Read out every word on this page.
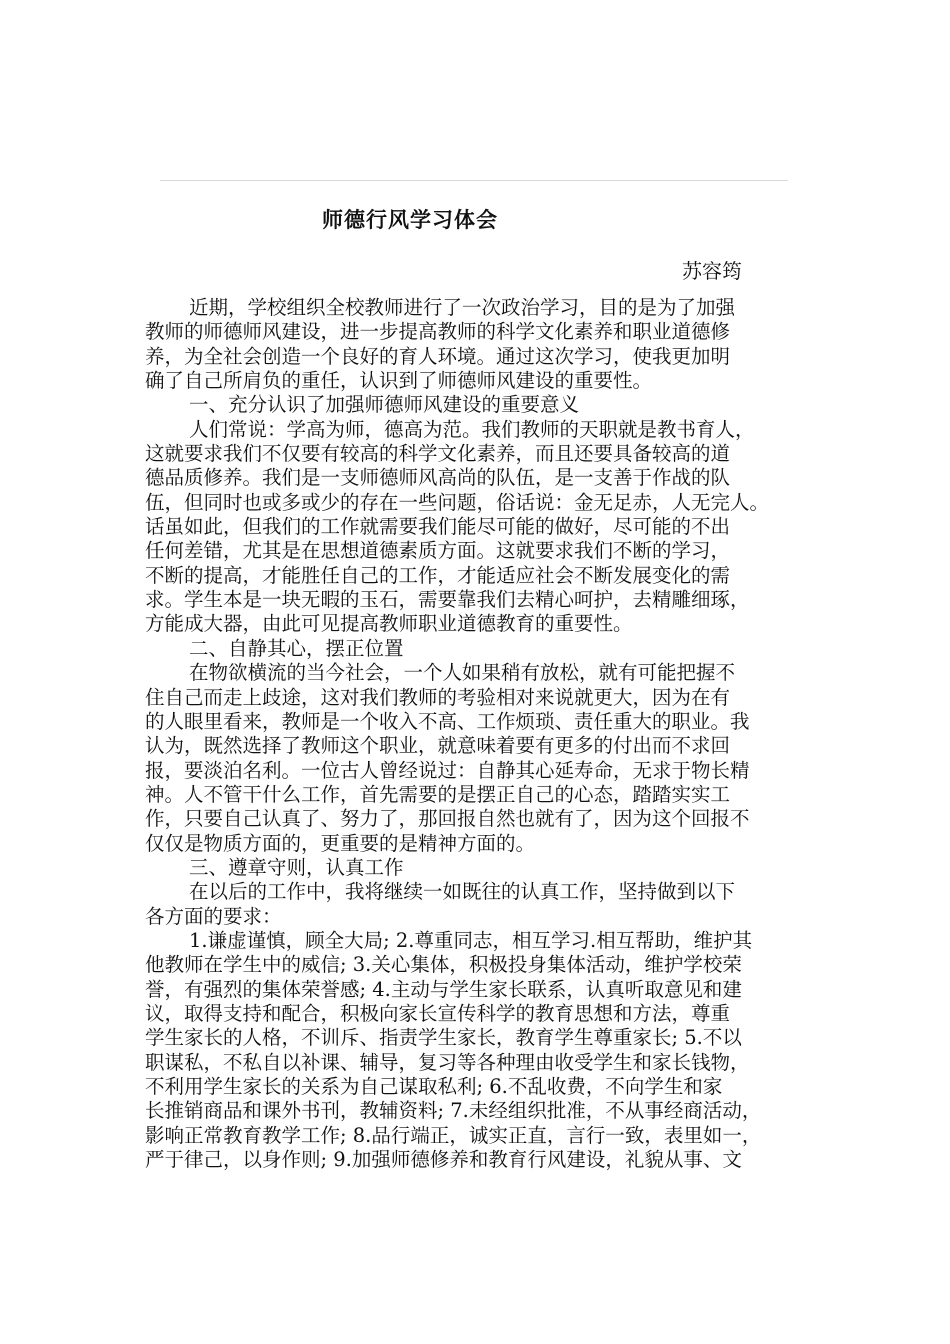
师德行风学习体会
苏容筠
近期，学校组织全校教师进行了一次政治学习，目的是为了加强
教师的师德师风建设，进一步提高教师的科学文化素养和职业道德修
养，为全社会创造一个良好的育人环境。通过这次学习，使我更加明
确了自己所肩负的重任，认识到了师德师风建设的重要性。
一、充分认识了加强师德师风建设的重要意义
人们常说：学高为师，德高为范。我们教师的天职就是教书育人，
这就要求我们不仅要有较高的科学文化素养，而且还要具备较高的道
德品质修养。我们是一支师德师风高尚的队伍，是一支善于作战的队
伍，但同时也或多或少的存在一些问题，俗话说：金无足赤，人无完人。
话虽如此，但我们的工作就需要我们能尽可能的做好，尽可能的不出
任何差错，尤其是在思想道德素质方面。这就要求我们不断的学习，
不断的提高，才能胜任自己的工作，才能适应社会不断发展变化的需
求。学生本是一块无暇的玉石，需要靠我们去精心呵护，去精雕细琢，
方能成大器，由此可见提高教师职业道德教育的重要性。
二、自静其心，摆正位置
在物欲横流的当今社会，一个人如果稍有放松，就有可能把握不
住自己而走上歧途，这对我们教师的考验相对来说就更大，因为在有
的人眼里看来，教师是一个收入不高、工作烦琐、责任重大的职业。我
认为，既然选择了教师这个职业，就意味着要有更多的付出而不求回
报，要淡泊名利。一位古人曾经说过：自静其心延寿命，无求于物长精
神。人不管干什么工作，首先需要的是摆正自己的心态，踏踏实实工
作，只要自己认真了、努力了，那回报自然也就有了，因为这个回报不
仅仅是物质方面的，更重要的是精神方面的。
三、遵章守则，认真工作
在以后的工作中，我将继续一如既往的认真工作，坚持做到以下
各方面的要求：
1.谦虚谨慎，顾全大局; 2.尊重同志，相互学习.相互帮助，维护其
他教师在学生中的威信; 3.关心集体，积极投身集体活动，维护学校荣
誉，有强烈的集体荣誉感; 4.主动与学生家长联系，认真听取意见和建
议，取得支持和配合，积极向家长宣传科学的教育思想和方法，尊重
学生家长的人格，不训斥、指责学生家长，教育学生尊重家长; 5.不以
职谋私，不私自以补课、辅导，复习等各种理由收受学生和家长钱物，
不利用学生家长的关系为自己谋取私利; 6.不乱收费，不向学生和家
长推销商品和课外书刊，教辅资料; 7.未经组织批准，不从事经商活动，
影响正常教育教学工作; 8.品行端正，诚实正直，言行一致，表里如一，
严于律己，以身作则; 9.加强师德修养和教育行风建设，礼貌从事、文
